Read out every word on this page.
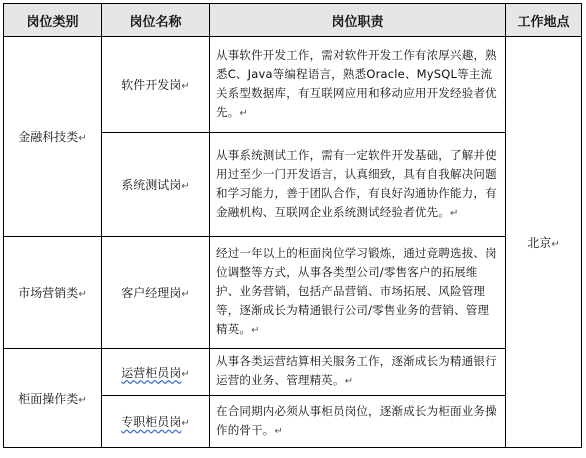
岗位类别	岗位名称	岗位职责	工作地点
金融科技类↵	软件开发岗↵	从事软件开发工作，需对软件开发工作有浓厚兴趣，熟悉C、Java等编程语言，熟悉Oracle、MySQL等主流关系型数据库，有互联网应用和移动应用开发经验者优先。↵	北京↵
	系统测试岗↵	从事系统测试工作，需有一定软件开发基础，了解并使用过至少一门开发语言，认真细致，具有自我解决问题和学习能力，善于团队合作，有良好沟通协作能力，有金融机构、互联网企业系统测试经验者优先。↵	
市场营销类↵	客户经理岗↵	经过一年以上的柜面岗位学习锻炼，通过竞聘选拔、岗位调整等方式，从事各类型公司/零售客户的拓展维护、业务营销，包括产品营销、市场拓展、风险管理等，逐渐成长为精通银行公司/零售业务的营销、管理精英。↵	
柜面操作类↵	运营柜员岗↵	从事各类运营结算相关服务工作，逐渐成长为精通银行运营的业务、管理精英。↵	
	专职柜员岗↵	在合同期内必须从事柜员岗位，逐渐成长为柜面业务操作的骨干。↵	
